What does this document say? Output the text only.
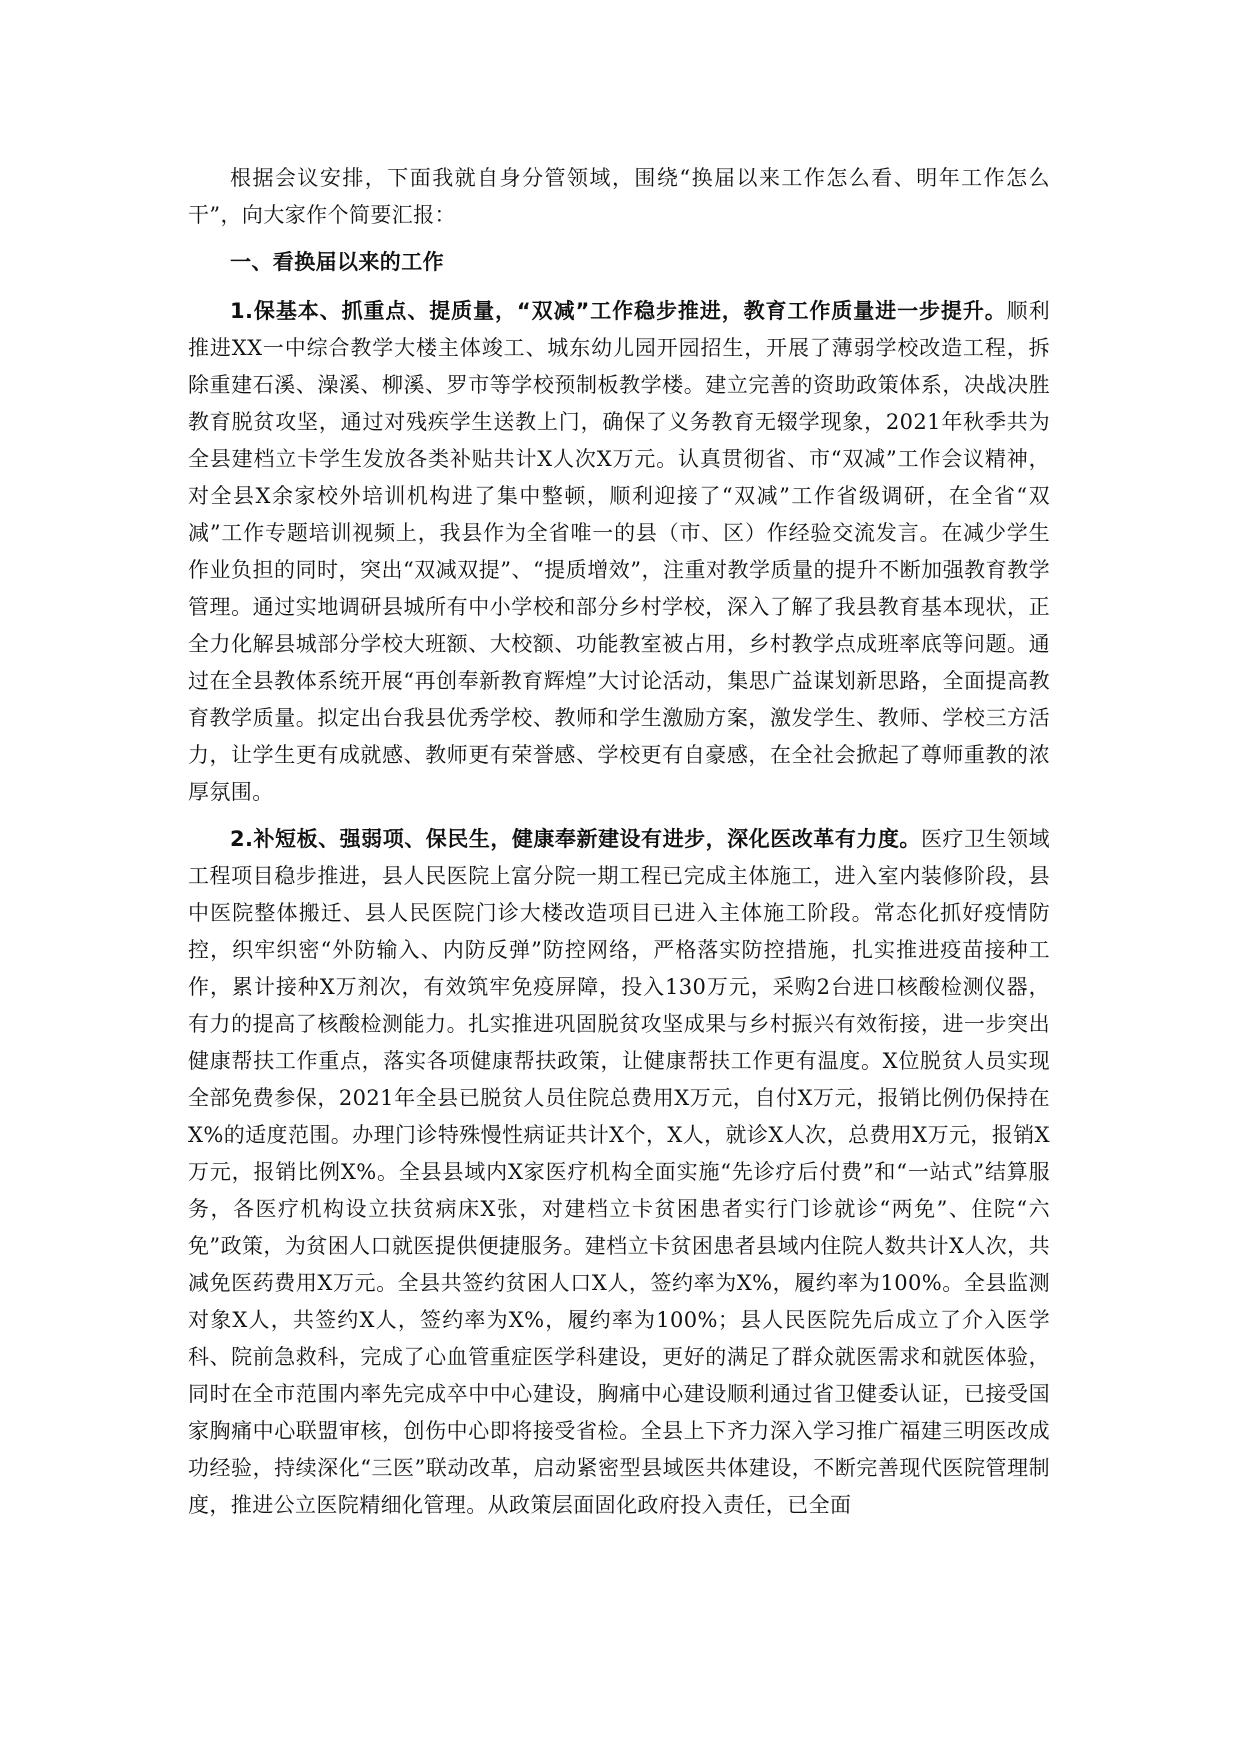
根据会议安排，下面我就自身分管领域，围绕“换届以来工作怎么看、明年工作怎么干”，向大家作个简要汇报：

一、看换届以来的工作

1.保基本、抓重点、提质量，“双减”工作稳步推进，教育工作质量进一步提升。顺利推进XX一中综合教学大楼主体竣工、城东幼儿园开园招生，开展了薄弱学校改造工程，拆除重建石溪、澡溪、柳溪、罗市等学校预制板教学楼。建立完善的资助政策体系，决战决胜教育脱贫攻坚，通过对残疾学生送教上门，确保了义务教育无辍学现象，2021年秋季共为全县建档立卡学生发放各类补贴共计X人次X万元。认真贯彻省、市“双减”工作会议精神，对全县X余家校外培训机构进了集中整顿，顺利迎接了“双减”工作省级调研，在全省“双减”工作专题培训视频上，我县作为全省唯一的县（市、区）作经验交流发言。在减少学生作业负担的同时，突出“双减双提”、“提质增效”，注重对教学质量的提升不断加强教育教学管理。通过实地调研县城所有中小学校和部分乡村学校，深入了解了我县教育基本现状，正全力化解县城部分学校大班额、大校额、功能教室被占用，乡村教学点成班率底等问题。通过在全县教体系统开展“再创奉新教育辉煌”大讨论活动，集思广益谋划新思路，全面提高教育教学质量。拟定出台我县优秀学校、教师和学生激励方案，激发学生、教师、学校三方活力，让学生更有成就感、教师更有荣誉感、学校更有自豪感，在全社会掀起了尊师重教的浓厚氛围。

2.补短板、强弱项、保民生，健康奉新建设有进步，深化医改革有力度。医疗卫生领域工程项目稳步推进，县人民医院上富分院一期工程已完成主体施工，进入室内装修阶段，县中医院整体搬迁、县人民医院门诊大楼改造项目已进入主体施工阶段。常态化抓好疫情防控，织牢织密“外防输入、内防反弹”防控网络，严格落实防控措施，扎实推进疫苗接种工作，累计接种X万剂次，有效筑牢免疫屏障，投入130万元，采购2台进口核酸检测仪器，有力的提高了核酸检测能力。扎实推进巩固脱贫攻坚成果与乡村振兴有效衔接，进一步突出健康帮扶工作重点，落实各项健康帮扶政策，让健康帮扶工作更有温度。X位脱贫人员实现全部免费参保，2021年全县已脱贫人员住院总费用X万元，自付X万元，报销比例仍保持在X%的适度范围。办理门诊特殊慢性病证共计X个，X人，就诊X人次，总费用X万元，报销X万元，报销比例X%。全县县域内X家医疗机构全面实施“先诊疗后付费”和“一站式”结算服务，各医疗机构设立扶贫病床X张，对建档立卡贫困患者实行门诊就诊“两免”、住院“六免”政策，为贫困人口就医提供便捷服务。建档立卡贫困患者县域内住院人数共计X人次，共减免医药费用X万元。全县共签约贫困人口X人，签约率为X%，履约率为100%。全县监测对象X人，共签约X人，签约率为X%，履约率为100%；县人民医院先后成立了介入医学科、院前急救科，完成了心血管重症医学科建设，更好的满足了群众就医需求和就医体验，同时在全市范围内率先完成卒中中心建设，胸痛中心建设顺利通过省卫健委认证，已接受国家胸痛中心联盟审核，创伤中心即将接受省检。全县上下齐力深入学习推广福建三明医改成功经验，持续深化“三医”联动改革，启动紧密型县域医共体建设，不断完善现代医院管理制度，推进公立医院精细化管理。从政策层面固化政府投入责任，已全面
